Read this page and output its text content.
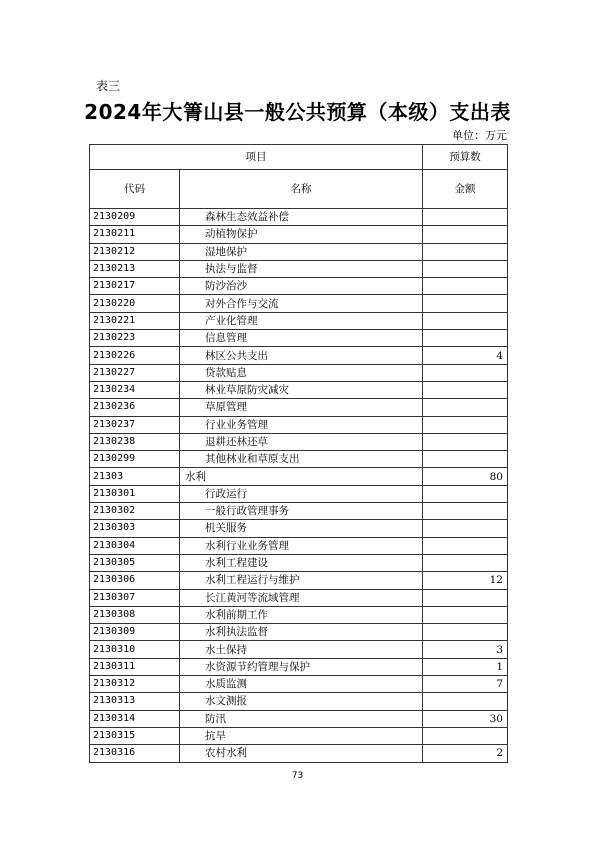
表三
2024年大箐山县一般公共预算（本级）支出表
单位：万元
项目		预算数
代码	名称	金额
2130209	森林生态效益补偿	
2130211	动植物保护	
2130212	湿地保护	
2130213	执法与监督	
2130217	防沙治沙	
2130220	对外合作与交流	
2130221	产业化管理	
2130223	信息管理	
2130226	林区公共支出	4
2130227	贷款贴息	
2130234	林业草原防灾减灾	
2130236	草原管理	
2130237	行业业务管理	
2130238	退耕还林还草	
2130299	其他林业和草原支出	
21303	水利	80
2130301	行政运行	
2130302	一般行政管理事务	
2130303	机关服务	
2130304	水利行业业务管理	
2130305	水利工程建设	
2130306	水利工程运行与维护	12
2130307	长江黄河等流域管理	
2130308	水利前期工作	
2130309	水利执法监督	
2130310	水土保持	3
2130311	水资源节约管理与保护	1
2130312	水质监测	7
2130313	水文测报	
2130314	防汛	30
2130315	抗旱	
2130316	农村水利	2
73
